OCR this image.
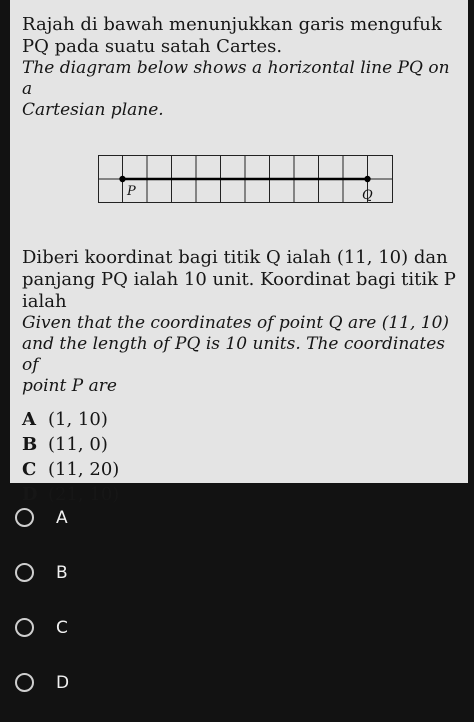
Rajah di bawah menunjukkan garis mengufuk

PQ pada suatu satah Cartes.

The diagram below shows a horizontal line PQ on a

Cartesian plane.

P	Q

Diberi koordinat bagi titik Q ialah (11, 10) dan

panjang PQ ialah 10 unit. Koordinat bagi titik P

ialah

Given that the coordinates of point Q are (11, 10)

and the length of PQ is 10 units. The coordinates of

point P are

A (1, 10)
B (11, 0)
C (11, 20)
D (21, 10)
A
B
C
D
